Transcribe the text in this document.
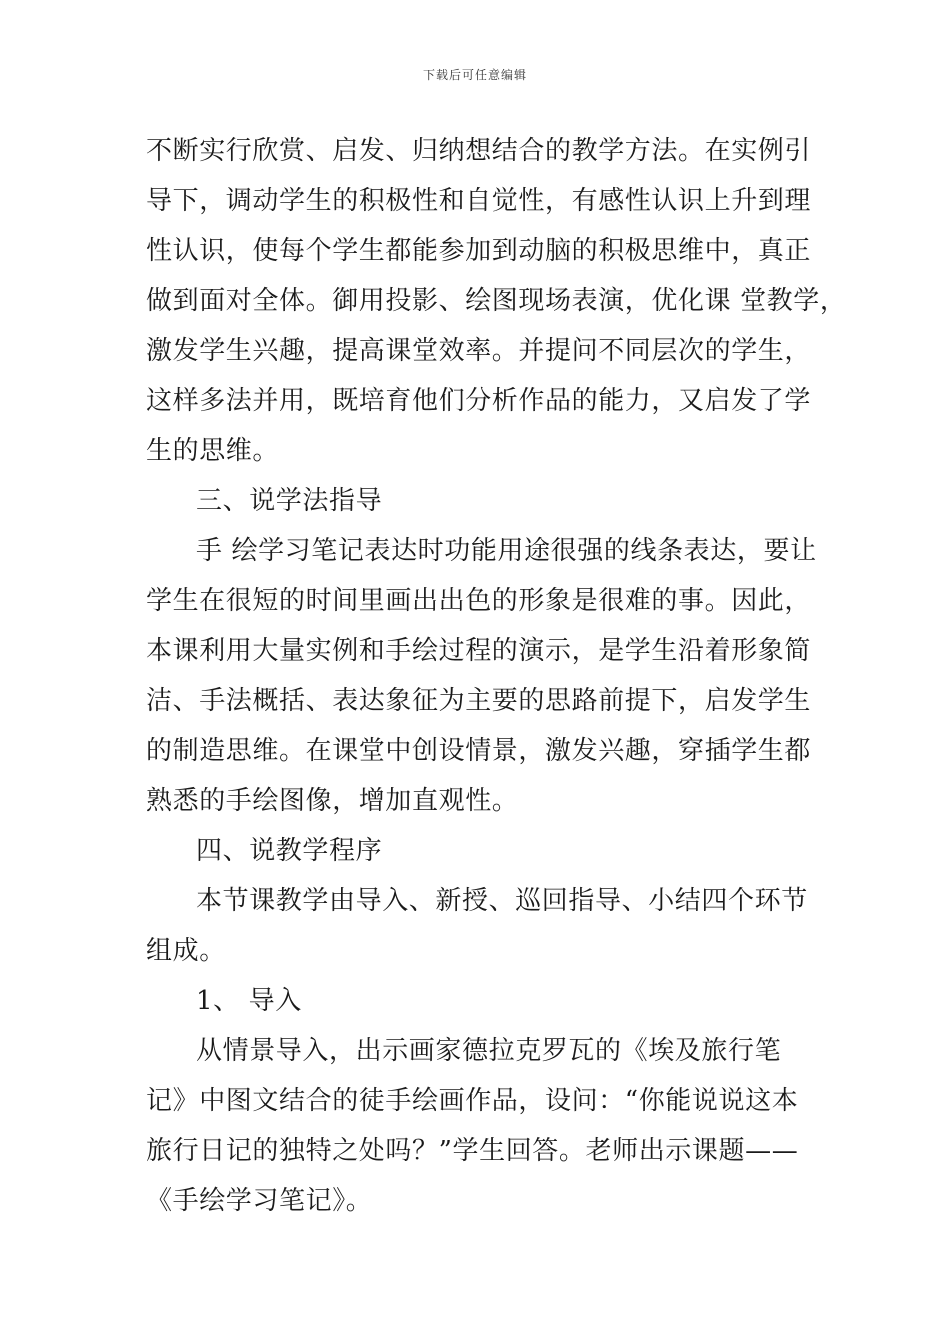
下载后可任意编辑
不断实行欣赏、启发、归纳想结合的教学方法。在实例引
导下，调动学生的积极性和自觉性，有感性认识上升到理
性认识，使每个学生都能参加到动脑的积极思维中，真正
做到面对全体。御用投影、绘图现场表演，优化课 堂教学，
激发学生兴趣，提高课堂效率。并提问不同层次的学生，
这样多法并用，既培育他们分析作品的能力，又启发了学
生的思维。
三、说学法指导
手 绘学习笔记表达时功能用途很强的线条表达，要让
学生在很短的时间里画出出色的形象是很难的事。因此，
本课利用大量实例和手绘过程的演示，是学生沿着形象简
洁、手法概括、表达象征为主要的思路前提下，启发学生
的制造思维。在课堂中创设情景，激发兴趣，穿插学生都
熟悉的手绘图像，增加直观性。
四、说教学程序
本节课教学由导入、新授、巡回指导、小结四个环节
组成。
1、 导入
从情景导入，出示画家德拉克罗瓦的《埃及旅行笔
记》中图文结合的徒手绘画作品，设问：“你能说说这本
旅行日记的独特之处吗？”学生回答。老师出示课题——
《手绘学习笔记》。
